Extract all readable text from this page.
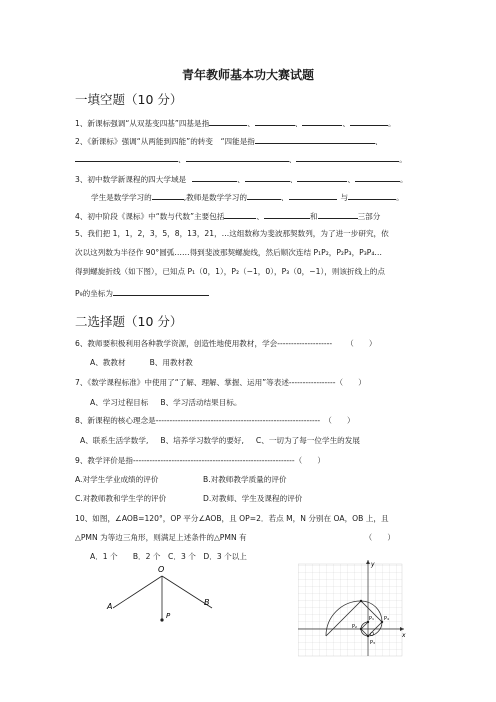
青年教师基本功大赛试题
一填空题（10 分）
1、新课标强调“从双基变四基”四基是指	、	、	、	。
2、《新课标》强调“从两能到四能”的转变　“四能是指	、
、	、	。
3、初中数学新课程的四大学域是	、	、	、	。
学生是数学学习的	,教师是数学学习的	、	与	。
4、初中阶段《课标》中“数与代数”主要包括	、	和	三部分
5、我们把 1，1，2，3，5，8，13，21，…这组数称为斐波那契数列，为了进一步研究，依
次以这列数为半径作 90°圆弧……得到斐波那契螺旋线，然后顺次连结 P₁P₂，P₂P₃，P₃P₄…
得到螺旋折线（如下图），已知点 P₁（0，1），P₂（−1，0），P₃（0，−1），则该折线上的点
P₉的坐标为
二选择题（10 分）
6、教师要积极利用各种教学资源，创造性地使用教材，学会-------------------- （　　）
A、教教材	B、用教材教
7、《数学课程标准》中使用了“了解、理解、掌握、运用”等表述-----------------（　　）
A、学习过程目标 B、学习活动结果目标。
8、新课程的核心理念是------------------------------------------------------------ （　　）
A、联系生活学数学, B、培养学习数学的要好, C、一切为了每一位学生的发展
9、教学评价是指-----------------------------------------------------------（　　）
A.对学生学业成绩的评价	B.对教师教学质量的评价
C.对教师教和学生学的评价	D.对教师、学生及课程的评价
10、如图，∠AOB=120°，OP 平分∠AOB，且 OP=2．若点 M，N 分别在 OA，OB 上，且
△PMN 为等边三角形，则满足上述条件的△PMN 有	（　　）
A．1 个　　B．2 个　C．3 个　D．3 个以上
O
A	B
P
y
x
O
P₁
P₂
P₃
P₄
